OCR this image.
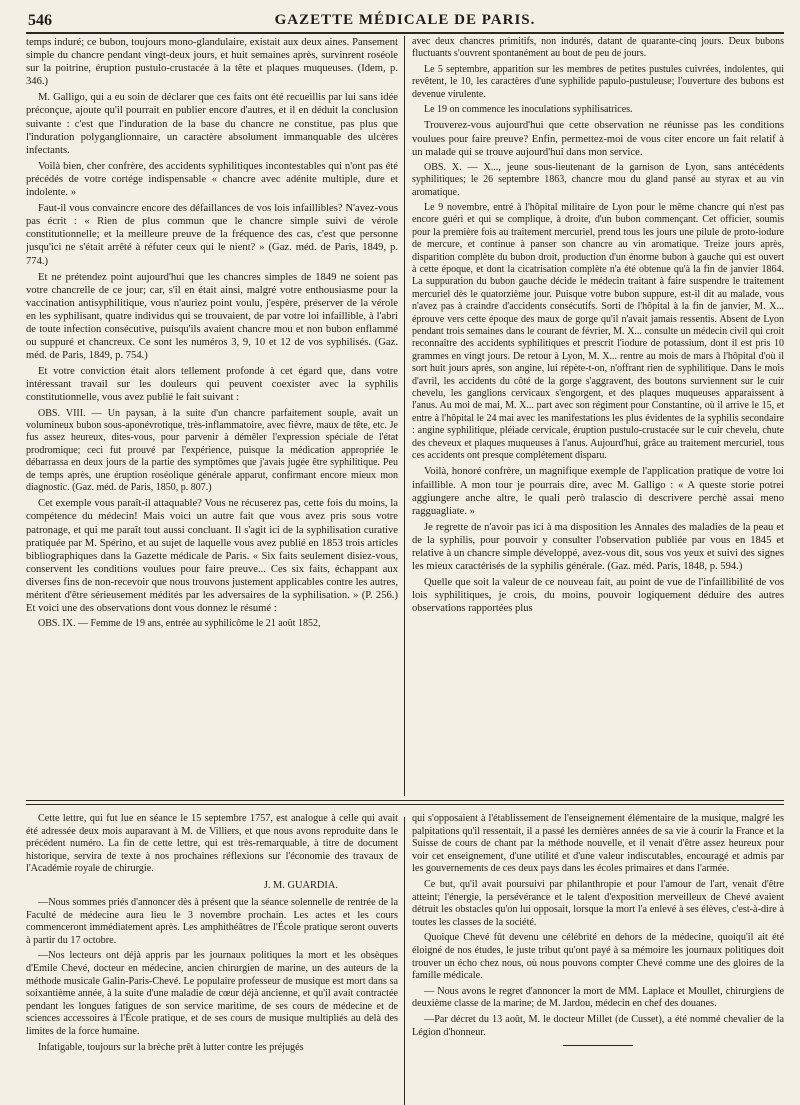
546	GAZETTE MÉDICALE DE PARIS.

temps induré; ce bubon, toujours mono-glandulaire, existait aux deux aines. Pansement simple du chancre pendant vingt-deux jours, et huit semaines après, survinrent roséole sur la poitrine, éruption pustulo-crustacée à la tête et plaques muqueuses. (Idem, p. 346.)

M. Galligo, qui a eu soin de déclarer que ces faits ont été recueillis par lui sans idée préconçue, ajoute qu'il pourrait en publier encore d'autres, et il en déduit la conclusion suivante : c'est que l'induration de la base du chancre ne constitue, pas plus que l'induration polyganglionnaire, un caractère absolument immanquable des ulcères infectants.

Voilà bien, cher confrère, des accidents syphilitiques incontestables qui n'ont pas été précédés de votre cortége indispensable « chancre avec adénite multiple, dure et indolente. »

Faut-il vous convaincre encore des défaillances de vos lois infaillibles? N'avez-vous pas écrit : « Rien de plus commun que le chancre simple suivi de vérole constitutionnelle; et la meilleure preuve de la fréquence des cas, c'est que personne jusqu'ici ne s'était arrêté à réfuter ceux qui le nient? » (Gaz. méd. de Paris, 1849, p. 774.)

Et ne prétendez point aujourd'hui que les chancres simples de 1849 ne soient pas votre chancrelle de ce jour; car, s'il en était ainsi, malgré votre enthousiasme pour la vaccination antisyphilitique, vous n'auriez point voulu, j'espère, préserver de la vérole en les syphilisant, quatre individus qui se trouvaient, de par votre loi infaillible, à l'abri de toute infection consécutive, puisqu'ils avaient chancre mou et non bubon enflammé ou suppuré et chancreux. Ce sont les numéros 3, 9, 10 et 12 de vos syphilisés. (Gaz. méd. de Paris, 1849, p. 754.)

Et votre conviction était alors tellement profonde à cet égard que, dans votre intéressant travail sur les douleurs qui peuvent coexister avec la syphilis constitutionnelle, vous avez publié le fait suivant :

OBS. VIII. — Un paysan, à la suite d'un chancre parfaitement souple, avait un volumineux bubon sous-aponévrotique, très-inflammatoire, avec fièvre, maux de tête, etc. Je fus assez heureux, dites-vous, pour parvenir à démêler l'expression spéciale de l'état prodromique; ceci fut prouvé par l'expérience, puisque la médication appropriée le débarrassa en deux jours de la partie des symptômes que j'avais jugée être syphilitique. Peu de temps après, une éruption roséolique générale apparut, confirmant encore mieux mon diagnostic. (Gaz. méd. de Paris, 1850, p. 807.)

Cet exemple vous paraît-il attaquable? Vous ne récuserez pas, cette fois du moins, la compétence du médecin! Mais voici un autre fait que vous avez pris sous votre patronage, et qui me paraît tout aussi concluant. Il s'agit ici de la syphilisation curative pratiquée par M. Spérino, et au sujet de laquelle vous avez publié en 1853 trois articles bibliographiques dans la Gazette médicale de Paris. « Six faits seulement disiez-vous, conservent les conditions voulues pour faire preuve... Ces six faits, échappant aux diverses fins de non-recevoir que nous trouvons justement applicables contre les autres, méritent d'être sérieusement médités par les adversaires de la syphilisation. » (P. 256.) Et voici une des observations dont vous donnez le résumé :

OBS. IX. — Femme de 19 ans, entrée au syphilicôme le 21 août 1852,

avec deux chancres primitifs, non indurés, datant de quarante-cinq jours. Deux bubons fluctuants s'ouvrent spontanément au bout de peu de jours.

Le 5 septembre, apparition sur les membres de petites pustules cuivrées, indolentes, qui revêtent, le 10, les caractères d'une syphilide papulo-pustuleuse; l'ouverture des bubons est devenue virulente.

Le 19 on commence les inoculations syphilisatrices.

Trouverez-vous aujourd'hui que cette observation ne réunisse pas les conditions voulues pour faire preuve? Enfin, permettez-moi de vous citer encore un fait relatif à un malade qui se trouve aujourd'hui dans mon service.

OBS. X. — X..., jeune sous-lieutenant de la garnison de Lyon, sans antécédents syphilitiques; le 26 septembre 1863, chancre mou du gland pansé au styrax et au vin aromatique.

Le 9 novembre, entré à l'hôpital militaire de Lyon pour le même chancre qui n'est pas encore guéri et qui se complique, à droite, d'un bubon commençant. Cet officier, soumis pour la première fois au traitement mercuriel, prend tous les jours une pilule de proto-iodure de mercure, et continue à panser son chancre au vin aromatique. Treize jours après, disparition complète du bubon droit, production d'un énorme bubon à gauche qui est ouvert à cette époque, et dont la cicatrisation complète n'a été obtenue qu'à la fin de janvier 1864. La suppuration du bubon gauche décide le médecin traitant à faire suspendre le traitement mercuriel dès le quatorzième jour. Puisque votre bubon suppure, est-il dit au malade, vous n'avez pas à craindre d'accidents consécutifs. Sorti de l'hôpital à la fin de janvier, M. X... éprouve vers cette époque des maux de gorge qu'il n'avait jamais ressentis. Absent de Lyon pendant trois semaines dans le courant de février, M. X... consulte un médecin civil qui croit reconnaître des accidents syphilitiques et prescrit l'iodure de potassium, dont il est pris 10 grammes en vingt jours. De retour à Lyon, M. X... rentre au mois de mars à l'hôpital d'où il sort huit jours après, son angine, lui répète-t-on, n'offrant rien de syphilitique. Dans le mois d'avril, les accidents du côté de la gorge s'aggravent, des boutons surviennent sur le cuir chevelu, les ganglions cervicaux s'engorgent, et des plaques muqueuses apparaissent à l'anus. Au moi de mai, M. X... part avec son régiment pour Constantine, où il arrive le 15, et entre à l'hôpital le 24 mai avec les manifestations les plus évidentes de la syphilis secondaire : angine syphilitique, pléiade cervicale, éruption pustulo-crustacée sur le cuir chevelu, chute des cheveux et plaques muqueuses à l'anus. Aujourd'hui, grâce au traitement mercuriel, tous ces accidents ont presque complétement disparu.

Voilà, honoré confrère, un magnifique exemple de l'application pratique de votre loi infaillible. A mon tour je pourrais dire, avec M. Galligo : « A queste storie potrei aggiungere anche altre, le quali però tralascio di descrivere perchè assai meno ragguagliate. »

Je regrette de n'avoir pas ici à ma disposition les Annales des maladies de la peau et de la syphilis, pour pouvoir y consulter l'observation publiée par vous en 1845 et relative à un chancre simple développé, avez-vous dit, sous vos yeux et suivi des signes les mieux caractérisés de la syphilis générale. (Gaz. méd. Paris, 1848, p. 594.)

Quelle que soit la valeur de ce nouveau fait, au point de vue de l'infaillibilité de vos lois syphilitiques, je crois, du moins, pouvoir logiquement déduire des autres observations rapportées plus

Cette lettre, qui fut lue en séance le 15 septembre 1757, est analogue à celle qui avait été adressée deux mois auparavant à M. de Villiers, et que nous avons reproduite dans le précédent numéro. La fin de cette lettre, qui est très-remarquable, à titre de document historique, servira de texte à nos prochaines réflexions sur l'économie des travaux de l'Académie royale de chirurgie.

J. M. GUARDIA.

—Nous sommes priés d'annoncer dès à présent que la séance solennelle de rentrée de la Faculté de médecine aura lieu le 3 novembre prochain. Les actes et les cours commenceront immédiatement après. Les amphithéâtres de l'École pratique seront ouverts à partir du 17 octobre.

—Nos lecteurs ont déjà appris par les journaux politiques la mort et les obsèques d'Emile Chevé, docteur en médecine, ancien chirurgien de marine, un des auteurs de la méthode musicale Galin-Paris-Chevé. Le populaire professeur de musique est mort dans sa soixantième année, à la suite d'une maladie de cœur déjà ancienne, et qu'il avait contractée pendant les longues fatigues de son service maritime, de ses cours de médecine et de sciences accessoires à l'École pratique, et de ses cours de musique multipliés au delà des limites de la force humaine.

Infatigable, toujours sur la brèche prêt à lutter contre les préjugés

qui s'opposaient à l'établissement de l'enseignement élémentaire de la musique, malgré les palpitations qu'il ressentait, il a passé les dernières années de sa vie à courir la France et la Suisse de cours de chant par la méthode nouvelle, et il venait d'être assez heureux pour voir cet enseignement, d'une utilité et d'une valeur indiscutables, encouragé et admis par les gouvernements de ces deux pays dans les écoles primaires et dans l'armée.

Ce but, qu'il avait poursuivi par philanthropie et pour l'amour de l'art, venait d'être atteint; l'énergie, la persévérance et le talent d'exposition merveilleux de Chevé avaient détruit les obstacles qu'on lui opposait, lorsque la mort l'a enlevé à ses élèves, c'est-à-dire à toutes les classes de la société.

Quoique Chevé fût devenu une célébrité en dehors de la médecine, quoiqu'il ait été éloigné de nos études, le juste tribut qu'ont payé à sa mémoire les journaux politiques doit trouver un écho chez nous, où nous pouvons compter Chevé comme une des gloires de la famille médicale.

— Nous avons le regret d'annoncer la mort de MM. Laplace et Moullet, chirurgiens de deuxième classe de la marine; de M. Jardou, médecin en chef des douanes.

—Par décret du 13 août, M. le docteur Millet (de Cusset), a été nommé chevalier de la Légion d'honneur.
